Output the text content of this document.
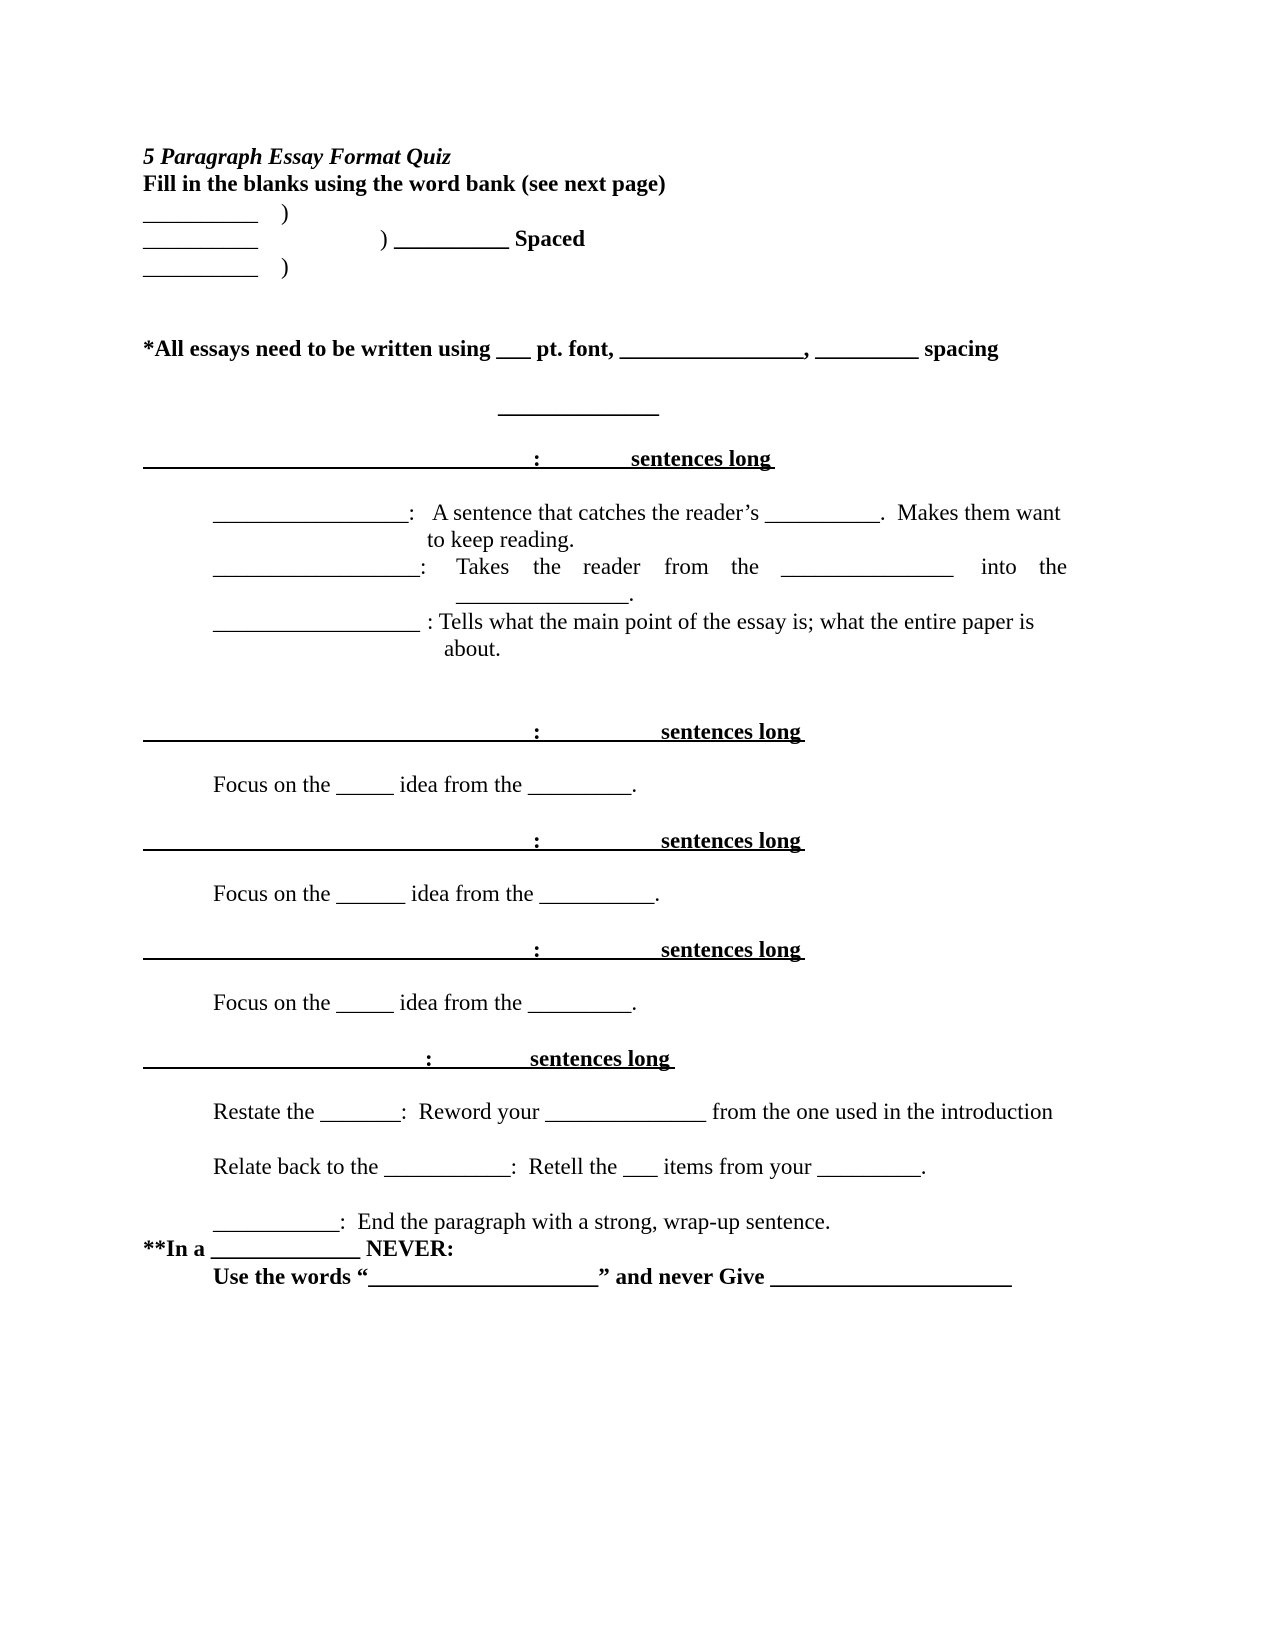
5 Paragraph Essay Format Quiz
Fill in the blanks using the word bank (see next page)
__________    )
__________	) __________ Spaced
__________    )
*All essays need to be written using ___ pt. font, ________________, _________ spacing
______________
:	sentences long
_________________: A sentence that catches the reader’s __________.  Makes them want
to keep reading.
__________________: Takes the reader from the _______________ into the
_______________.
__________________ : Tells what the main point of the essay is; what the entire paper is
about.
:	sentences long
Focus on the _____ idea from the _________.
:	sentences long
Focus on the ______ idea from the __________.
:	sentences long
Focus on the _____ idea from the _________.
:	sentences long
Restate the _______:  Reword your ______________ from the one used in the introduction
Relate back to the ___________:  Retell the ___ items from your _________.
___________:  End the paragraph with a strong, wrap-up sentence.
**In a _____________ NEVER:
Use the words “____________________” and never Give _____________________
